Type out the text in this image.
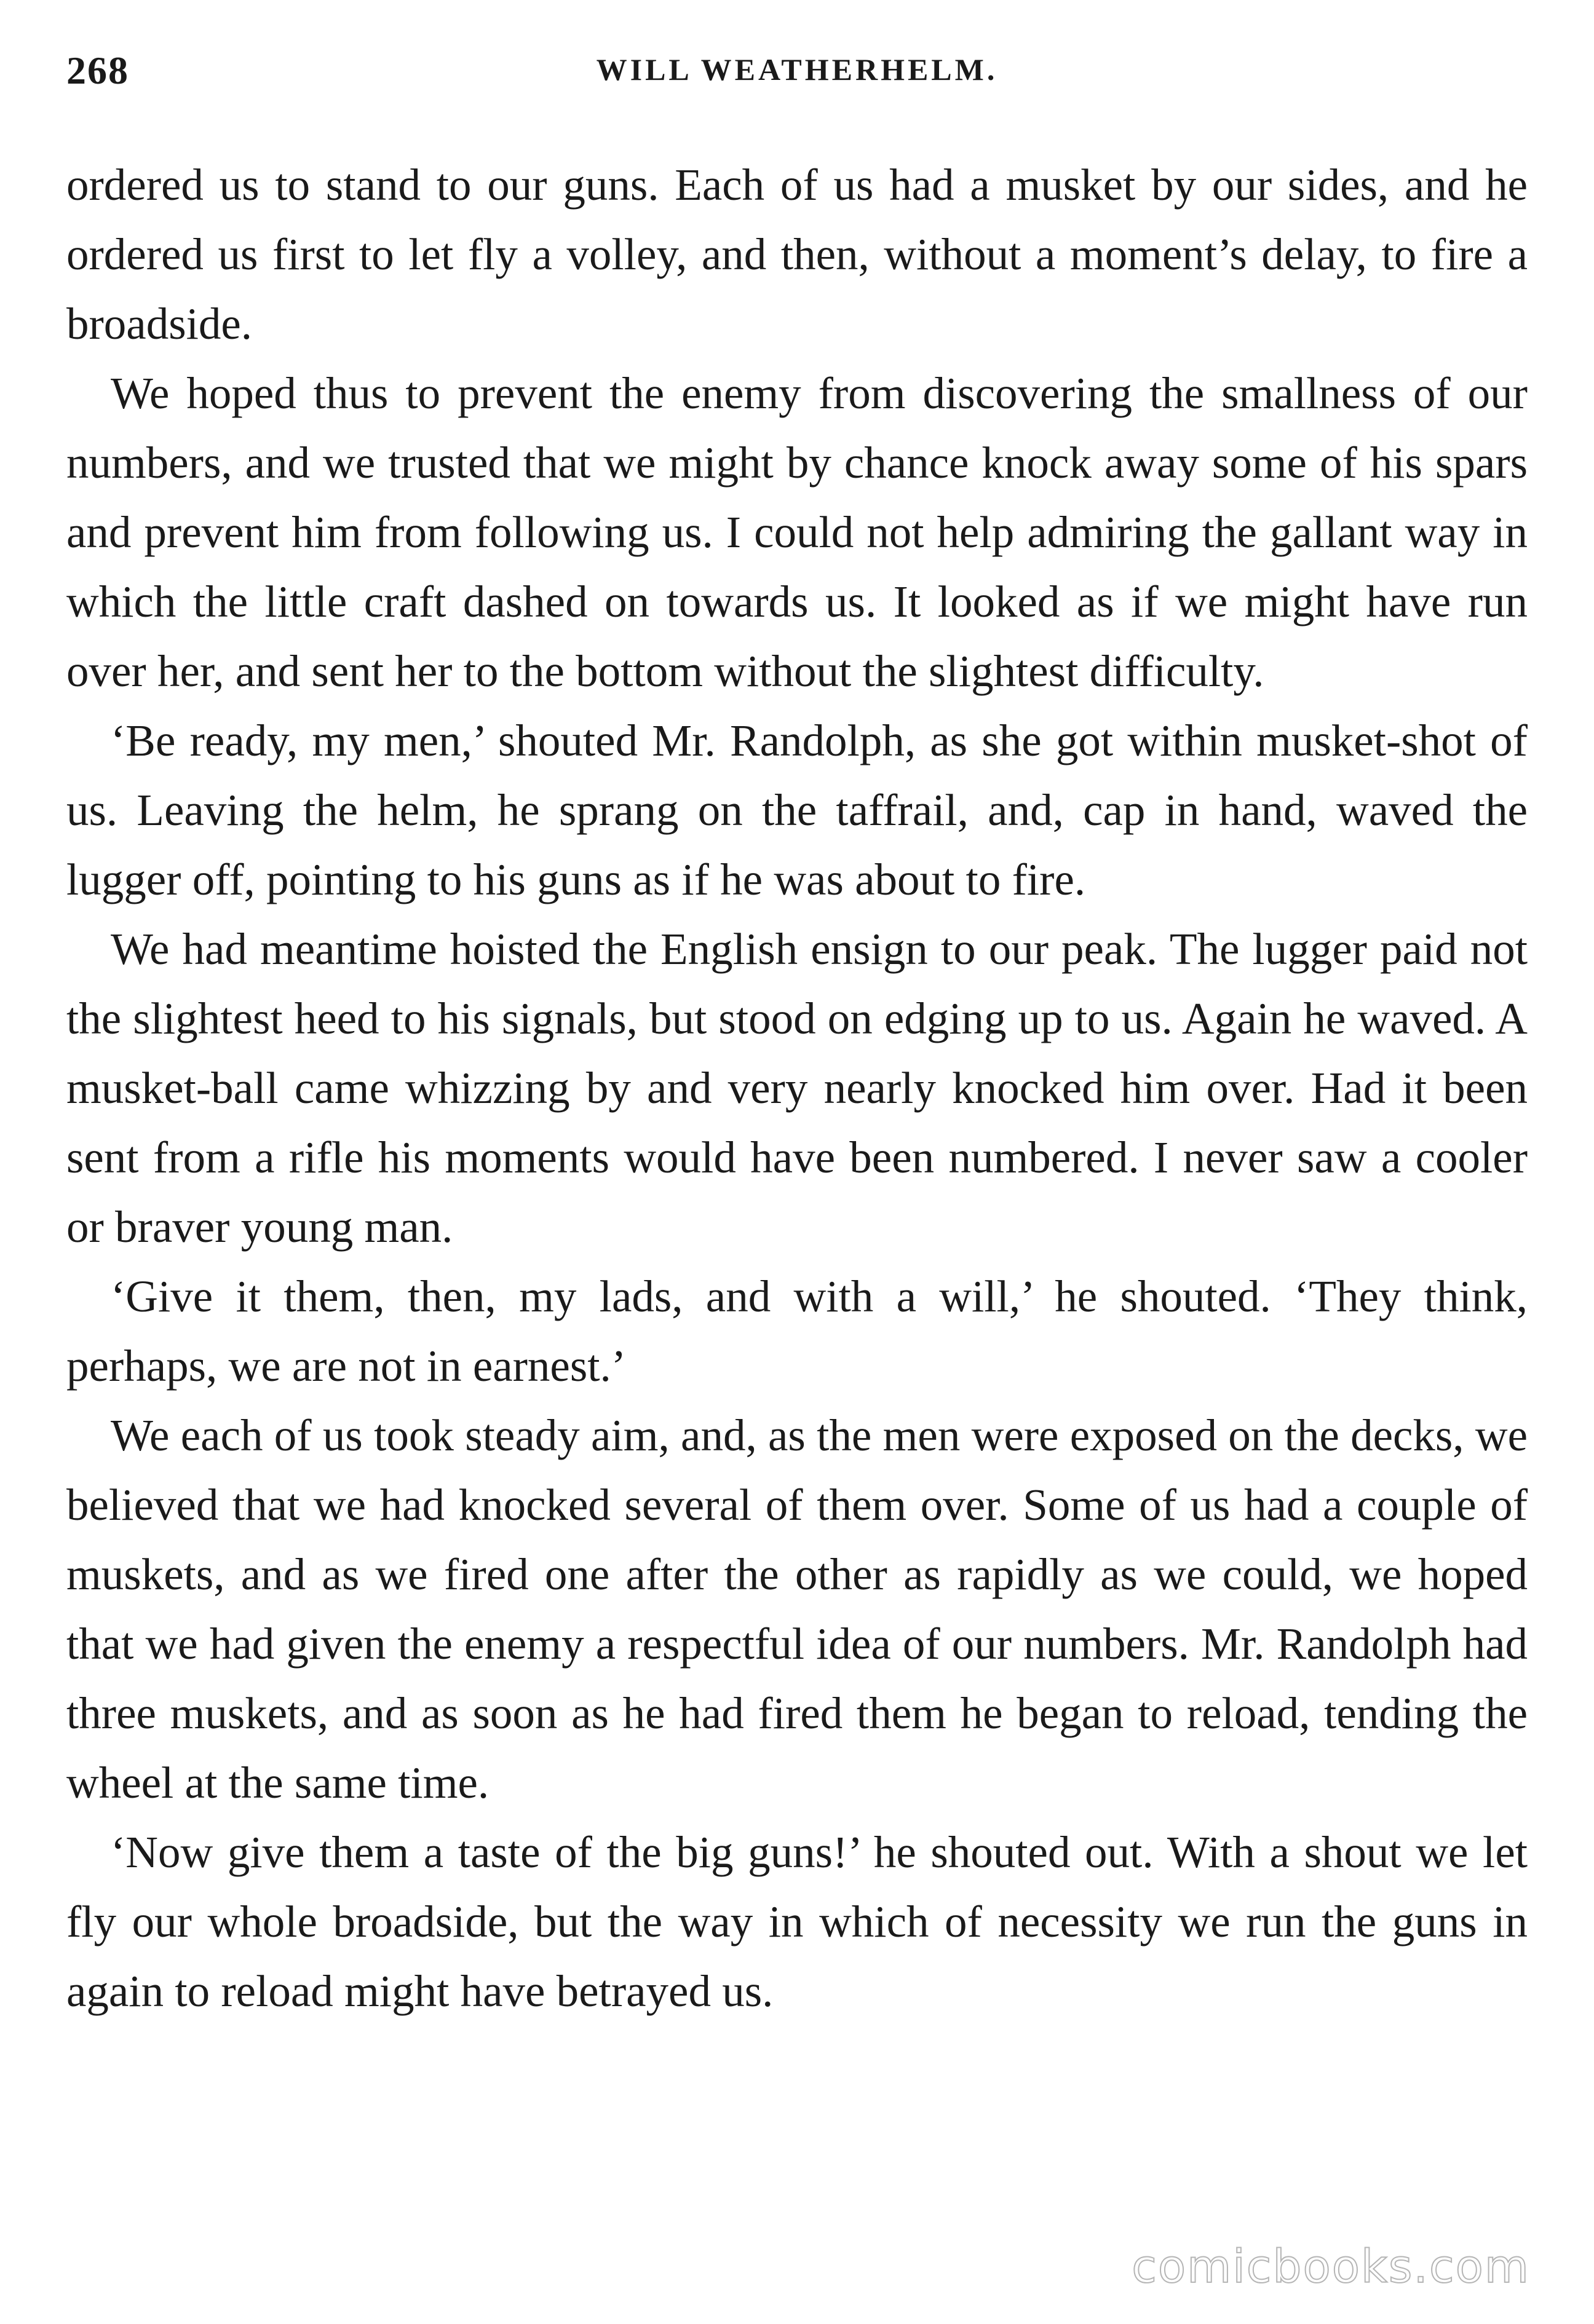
268	WILL WEATHERHELM.

ordered us to stand to our guns. Each of us had a musket by our sides, and he ordered us first to let fly a volley, and then, without a moment’s delay, to fire a broadside.

We hoped thus to prevent the enemy from discovering the smallness of our numbers, and we trusted that we might by chance knock away some of his spars and prevent him from following us. I could not help admiring the gallant way in which the little craft dashed on towards us. It looked as if we might have run over her, and sent her to the bottom without the slightest difficulty.

‘Be ready, my men,’ shouted Mr. Randolph, as she got within musket-shot of us. Leaving the helm, he sprang on the taffrail, and, cap in hand, waved the lugger off, pointing to his guns as if he was about to fire.

We had meantime hoisted the English ensign to our peak. The lugger paid not the slightest heed to his signals, but stood on edging up to us. Again he waved. A musket-ball came whizzing by and very nearly knocked him over. Had it been sent from a rifle his moments would have been numbered. I never saw a cooler or braver young man.

‘Give it them, then, my lads, and with a will,’ he shouted. ‘They think, perhaps, we are not in earnest.’

We each of us took steady aim, and, as the men were exposed on the decks, we believed that we had knocked several of them over. Some of us had a couple of muskets, and as we fired one after the other as rapidly as we could, we hoped that we had given the enemy a respectful idea of our numbers. Mr. Randolph had three muskets, and as soon as he had fired them he began to reload, tending the wheel at the same time.

‘Now give them a taste of the big guns!’ he shouted out. With a shout we let fly our whole broadside, but the way in which of necessity we run the guns in again to reload might have betrayed us.

comicbooks.com
